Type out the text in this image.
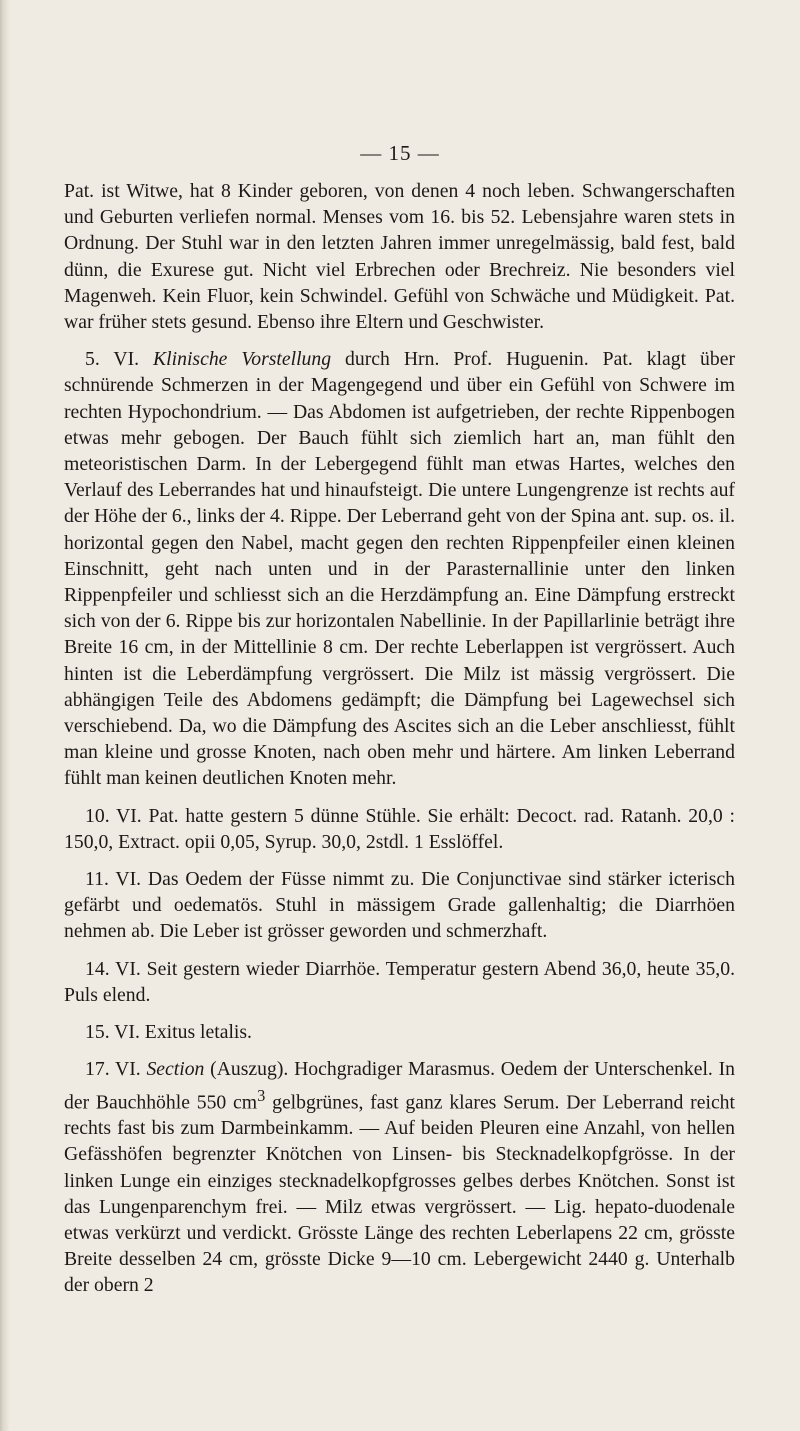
— 15 —

Pat. ist Witwe, hat 8 Kinder geboren, von denen 4 noch leben. Schwangerschaften und Geburten verliefen normal. Menses vom 16. bis 52. Lebensjahre waren stets in Ordnung. Der Stuhl war in den letzten Jahren immer unregelmässig, bald fest, bald dünn, die Exurese gut. Nicht viel Erbrechen oder Brechreiz. Nie besonders viel Magenweh. Kein Fluor, kein Schwindel. Gefühl von Schwäche und Müdigkeit. Pat. war früher stets gesund. Ebenso ihre Eltern und Geschwister.

5. VI. Klinische Vorstellung durch Hrn. Prof. Huguenin. Pat. klagt über schnürende Schmerzen in der Magengegend und über ein Gefühl von Schwere im rechten Hypochondrium. — Das Abdomen ist aufgetrieben, der rechte Rippenbogen etwas mehr gebogen. Der Bauch fühlt sich ziemlich hart an, man fühlt den meteoristischen Darm. In der Lebergegend fühlt man etwas Hartes, welches den Verlauf des Leberrandes hat und hinaufsteigt. Die untere Lungengrenze ist rechts auf der Höhe der 6., links der 4. Rippe. Der Leberrand geht von der Spina ant. sup. os. il. horizontal gegen den Nabel, macht gegen den rechten Rippenpfeiler einen kleinen Einschnitt, geht nach unten und in der Parasternallinie unter den linken Rippenpfeiler und schliesst sich an die Herzdämpfung an. Eine Dämpfung erstreckt sich von der 6. Rippe bis zur horizontalen Nabellinie. In der Papillarlinie beträgt ihre Breite 16 cm, in der Mittellinie 8 cm. Der rechte Leberlappen ist vergrössert. Auch hinten ist die Leberdämpfung vergrössert. Die Milz ist mässig vergrössert. Die abhängigen Teile des Abdomens gedämpft; die Dämpfung bei Lagewechsel sich verschiebend. Da, wo die Dämpfung des Ascites sich an die Leber anschliesst, fühlt man kleine und grosse Knoten, nach oben mehr und härtere. Am linken Leberrand fühlt man keinen deutlichen Knoten mehr.

10. VI. Pat. hatte gestern 5 dünne Stühle. Sie erhält: Decoct. rad. Ratanh. 20,0 : 150,0, Extract. opii 0,05, Syrup. 30,0, 2stdl. 1 Esslöffel.

11. VI. Das Oedem der Füsse nimmt zu. Die Conjunctivae sind stärker icterisch gefärbt und oedematös. Stuhl in mässigem Grade gallenhaltig; die Diarrhöen nehmen ab. Die Leber ist grösser geworden und schmerzhaft.

14. VI. Seit gestern wieder Diarrhöe. Temperatur gestern Abend 36,0, heute 35,0. Puls elend.

15. VI. Exitus letalis.

17. VI. Section (Auszug). Hochgradiger Marasmus. Oedem der Unterschenkel. In der Bauchhöhle 550 $cm^3$ gelbgrünes, fast ganz klares Serum. Der Leberrand reicht rechts fast bis zum Darmbeinkamm. — Auf beiden Pleuren eine Anzahl, von hellen Gefässhöfen begrenzter Knötchen von Linsen- bis Stecknadelkopfgrösse. In der linken Lunge ein einziges stecknadelkopfgrosses gelbes derbes Knötchen. Sonst ist das Lungenparenchym frei. — Milz etwas vergrössert. — Lig. hepato-duodenale etwas verkürzt und verdickt. Grösste Länge des rechten Leberlapens 22 cm, grösste Breite desselben 24 cm, grösste Dicke 9—10 cm. Lebergewicht 2440 g. Unterhalb der obern 2
